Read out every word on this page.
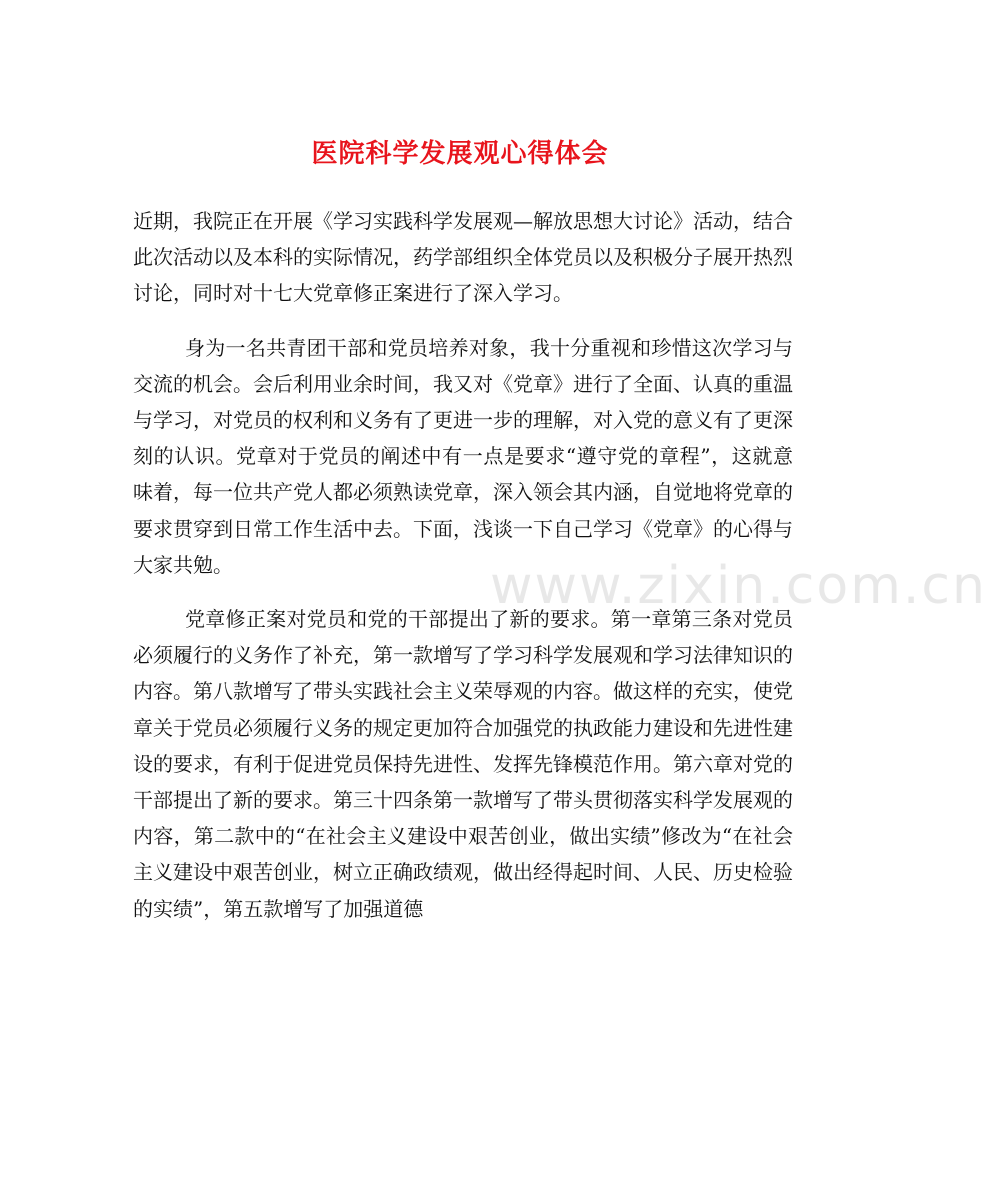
医院科学发展观心得体会

近期，我院正在开展《学习实践科学发展观—解放思想大讨论》活动，结合此次活动以及本科的实际情况，药学部组织全体党员以及积极分子展开热烈讨论，同时对十七大党章修正案进行了深入学习。

身为一名共青团干部和党员培养对象，我十分重视和珍惜这次学习与交流的机会。会后利用业余时间，我又对《党章》进行了全面、认真的重温与学习，对党员的权利和义务有了更进一步的理解，对入党的意义有了更深刻的认识。党章对于党员的阐述中有一点是要求“遵守党的章程”，这就意味着，每一位共产党人都必须熟读党章，深入领会其内涵，自觉地将党章的要求贯穿到日常工作生活中去。下面，浅谈一下自己学习《党章》的心得与大家共勉。

党章修正案对党员和党的干部提出了新的要求。第一章第三条对党员必须履行的义务作了补充，第一款增写了学习科学发展观和学习法律知识的内容。第八款增写了带头实践社会主义荣辱观的内容。做这样的充实，使党章关于党员必须履行义务的规定更加符合加强党的执政能力建设和先进性建设的要求，有利于促进党员保持先进性、发挥先锋模范作用。第六章对党的干部提出了新的要求。第三十四条第一款增写了带头贯彻落实科学发展观的内容，第二款中的“在社会主义建设中艰苦创业，做出实绩”修改为“在社会主义建设中艰苦创业，树立正确政绩观，做出经得起时间、人民、历史检验的实绩”，第五款增写了加强道德

www.zixin.com.cn
